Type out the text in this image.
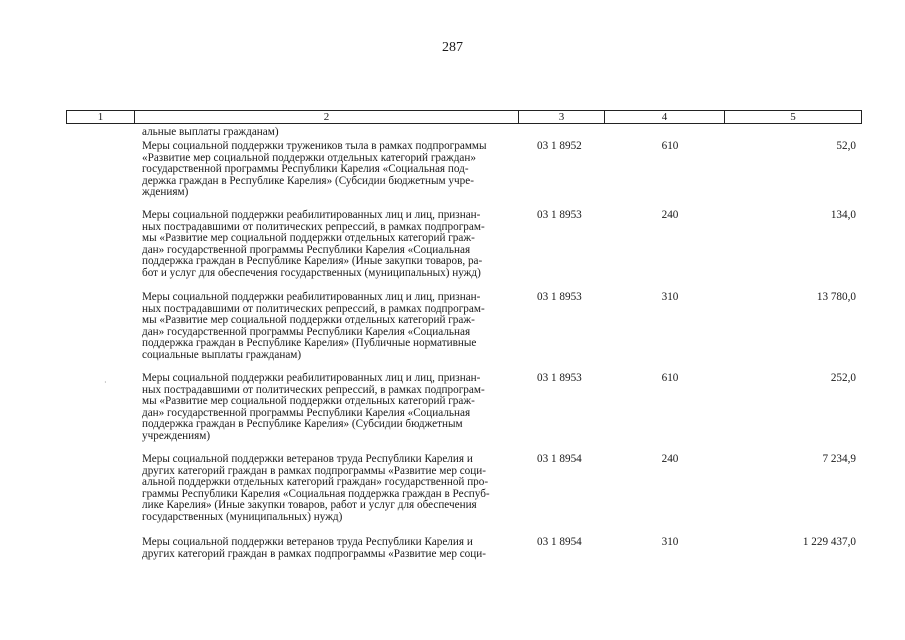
287
1	2	3	4	5
альные выплаты гражданам)
Меры социальной поддержки тружеников тыла в рамках подпрограммы
«Развитие мер социальной поддержки отдельных категорий граждан»
государственной программы Республики Карелия «Социальная под-
держка граждан в Республике Карелия» (Субсидии бюджетным учре-
ждениям)
03 1 8952	610	52,0
Меры социальной поддержки реабилитированных лиц и лиц, признан-
ных пострадавшими от политических репрессий, в рамках подпрограм-
мы «Развитие мер социальной поддержки отдельных категорий граж-
дан» государственной программы Республики Карелия «Социальная
поддержка граждан в Республике Карелия» (Иные закупки товаров, ра-
бот и услуг для обеспечения государственных (муниципальных) нужд)
03 1 8953	240	134,0
Меры социальной поддержки реабилитированных лиц и лиц, признан-
ных пострадавшими от политических репрессий, в рамках подпрограм-
мы «Развитие мер социальной поддержки отдельных категорий граж-
дан» государственной программы Республики Карелия «Социальная
поддержка граждан в Республике Карелия» (Публичные нормативные
социальные выплаты гражданам)
03 1 8953	310	13 780,0
Меры социальной поддержки реабилитированных лиц и лиц, признан-
ных пострадавшими от политических репрессий, в рамках подпрограм-
мы «Развитие мер социальной поддержки отдельных категорий граж-
дан» государственной программы Республики Карелия «Социальная
поддержка граждан в Республике Карелия» (Субсидии бюджетным
учреждениям)
03 1 8953	610	252,0
Меры социальной поддержки ветеранов труда Республики Карелия и
других категорий граждан в рамках подпрограммы «Развитие мер соци-
альной поддержки отдельных категорий граждан» государственной про-
граммы Республики Карелия «Социальная поддержка граждан в Респуб-
лике Карелия» (Иные закупки товаров, работ и услуг для обеспечения
государственных (муниципальных) нужд)
03 1 8954	240	7 234,9
Меры социальной поддержки ветеранов труда Республики Карелия и
других категорий граждан в рамках подпрограммы «Развитие мер соци-
03 1 8954	310	1 229 437,0
·
